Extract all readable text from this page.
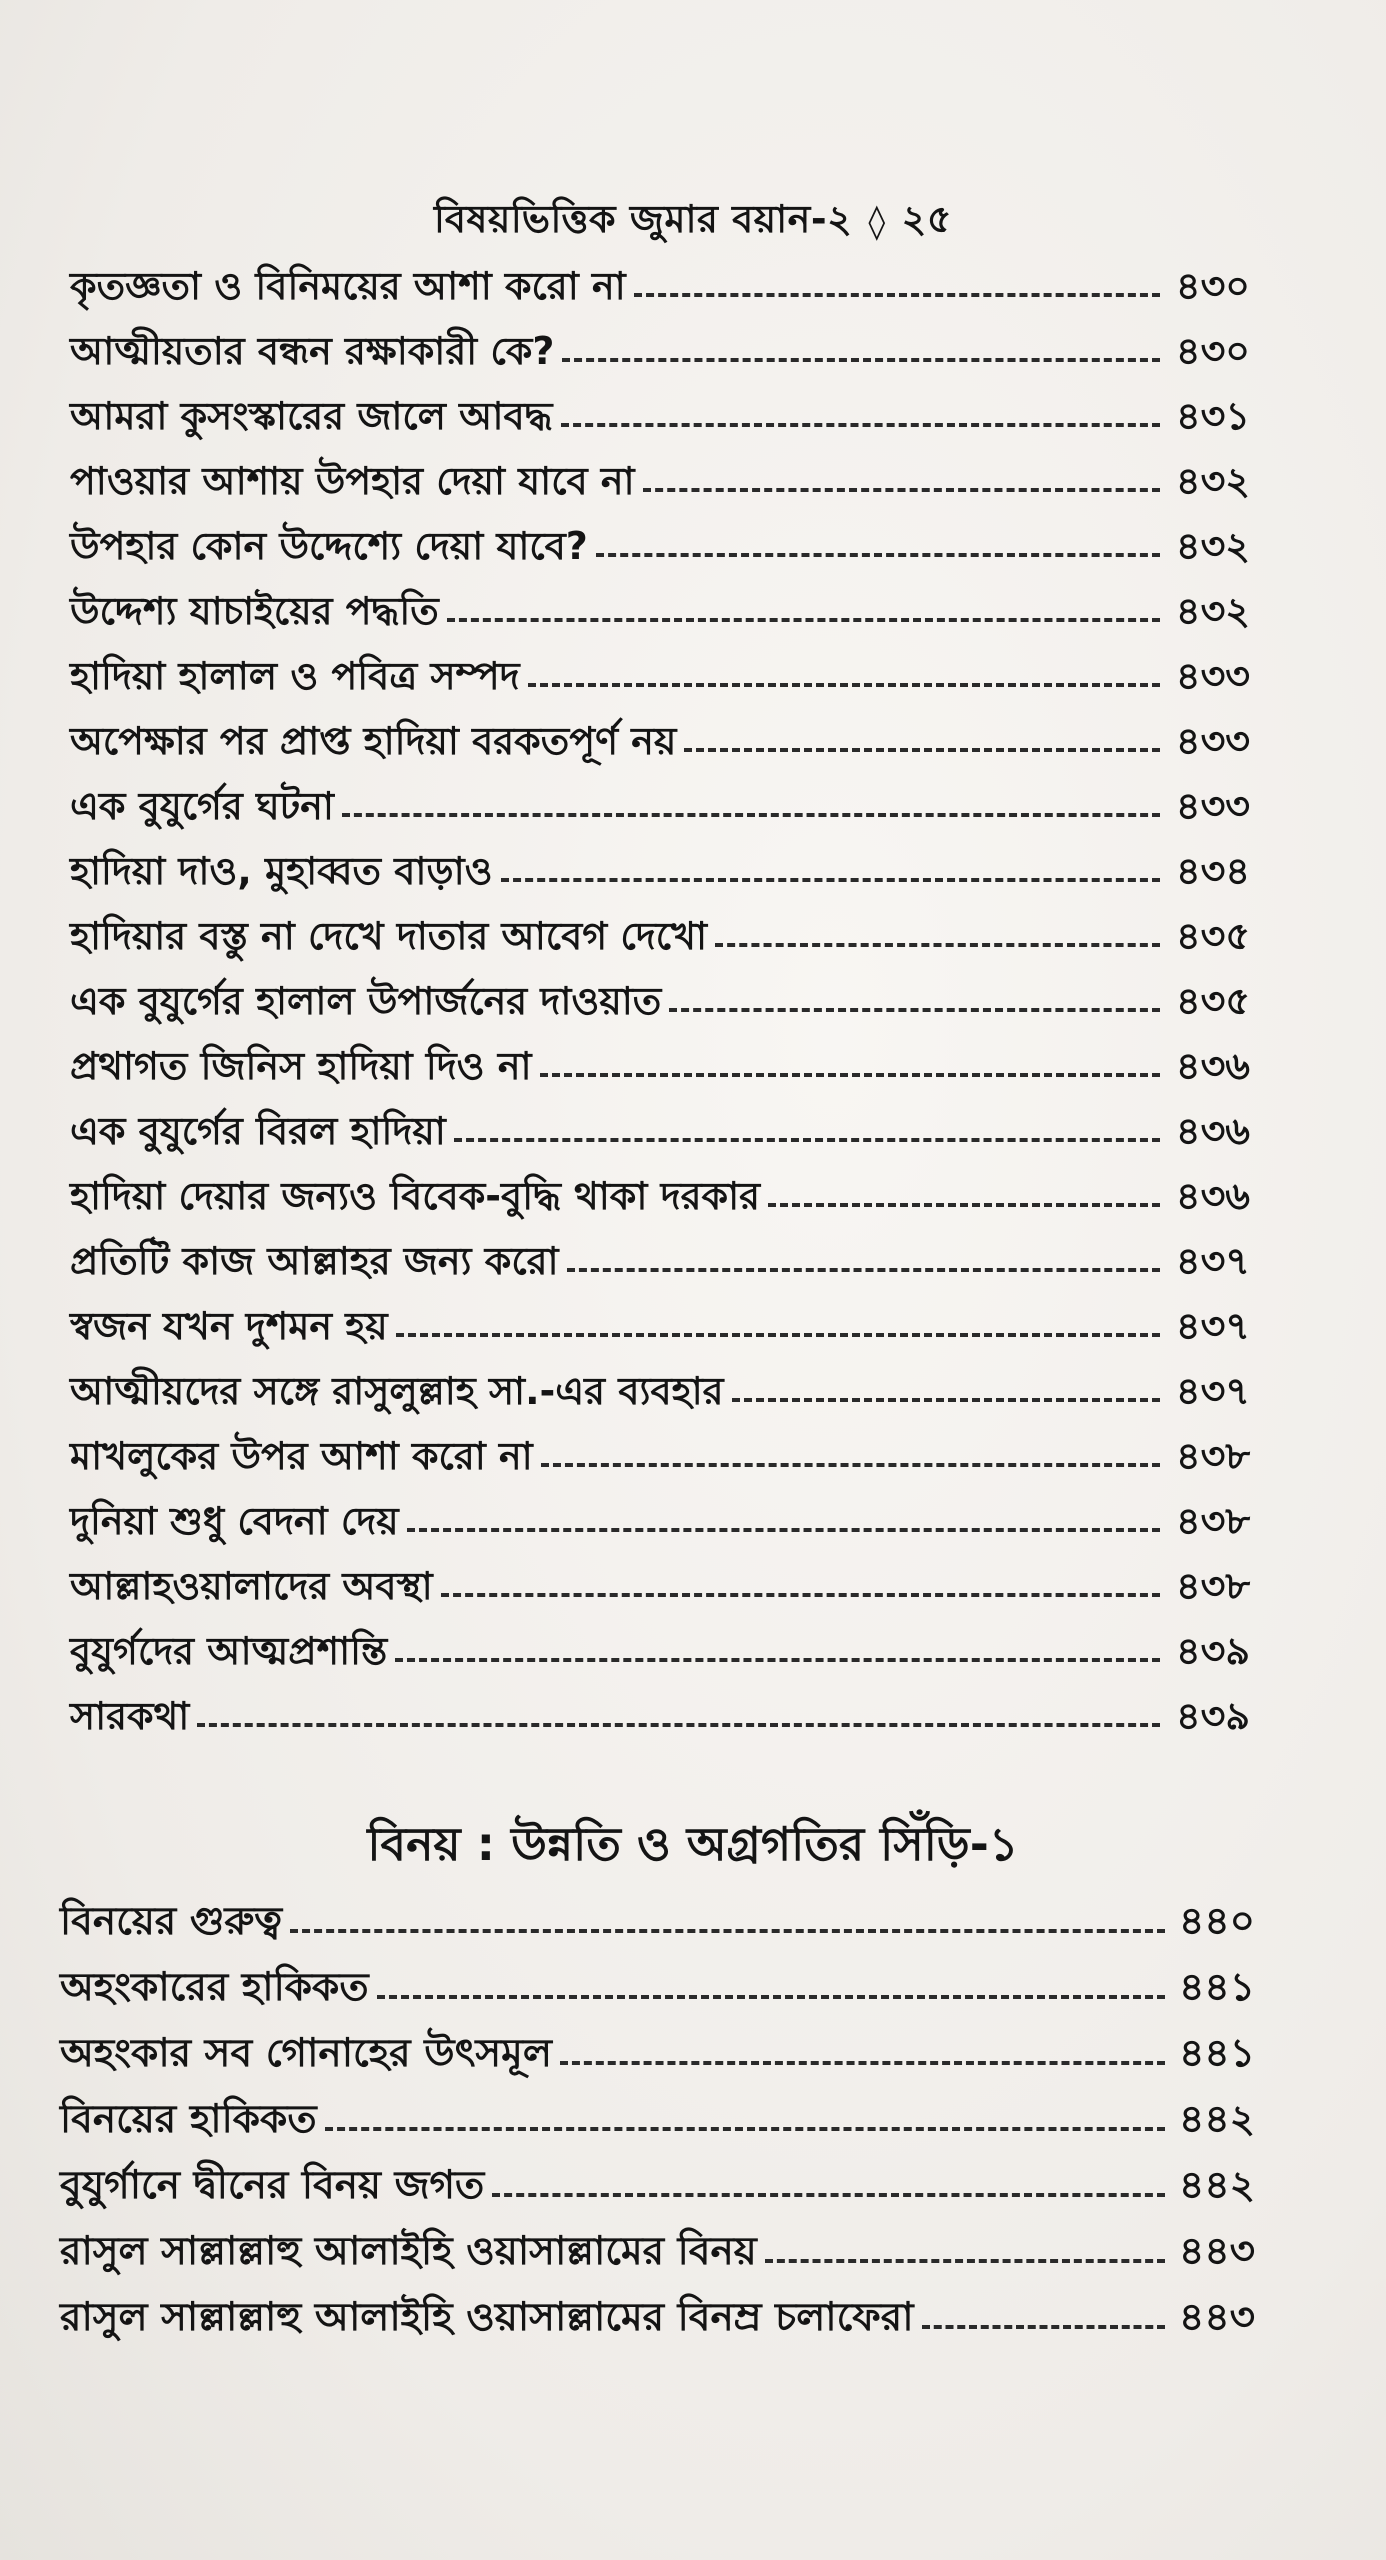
বিষয়ভিত্তিক জুমার বয়ান-২ ◊ ২৫
কৃতজ্ঞতা ও বিনিময়ের আশা করো না	৪৩০
আত্মীয়তার বন্ধন রক্ষাকারী কে?	৪৩০
আমরা কুসংস্কারের জালে আবদ্ধ	৪৩১
পাওয়ার আশায় উপহার দেয়া যাবে না	৪৩২
উপহার কোন উদ্দেশ্যে দেয়া যাবে?	৪৩২
উদ্দেশ্য যাচাইয়ের পদ্ধতি	৪৩২
হাদিয়া হালাল ও পবিত্র সম্পদ	৪৩৩
অপেক্ষার পর প্রাপ্ত হাদিয়া বরকতপূর্ণ নয়	৪৩৩
এক বুযুর্গের ঘটনা	৪৩৩
হাদিয়া দাও, মুহাব্বত বাড়াও	৪৩৪
হাদিয়ার বস্তু না দেখে দাতার আবেগ দেখো	৪৩৫
এক বুযুর্গের হালাল উপার্জনের দাওয়াত	৪৩৫
প্রথাগত জিনিস হাদিয়া দিও না	৪৩৬
এক বুযুর্গের বিরল হাদিয়া	৪৩৬
হাদিয়া দেয়ার জন্যও বিবেক-বুদ্ধি থাকা দরকার	৪৩৬
প্রতিটি কাজ আল্লাহর জন্য করো	৪৩৭
স্বজন যখন দুশমন হয়	৪৩৭
আত্মীয়দের সঙ্গে রাসুলুল্লাহ সা.-এর ব্যবহার	৪৩৭
মাখলুকের উপর আশা করো না	৪৩৮
দুনিয়া শুধু বেদনা দেয়	৪৩৮
আল্লাহওয়ালাদের অবস্থা	৪৩৮
বুযুর্গদের আত্মপ্রশান্তি	৪৩৯
সারকথা	৪৩৯
বিনয় : উন্নতি ও অগ্রগতির সিঁড়ি-১
বিনয়ের গুরুত্ব	৪৪০
অহংকারের হাকিকত	৪৪১
অহংকার সব গোনাহের উৎসমূল	৪৪১
বিনয়ের হাকিকত	৪৪২
বুযুর্গানে দ্বীনের বিনয় জগত	৪৪২
রাসুল সাল্লাল্লাহু আলাইহি ওয়াসাল্লামের বিনয়	৪৪৩
রাসুল সাল্লাল্লাহু আলাইহি ওয়াসাল্লামের বিনম্র চলাফেরা	৪৪৩
